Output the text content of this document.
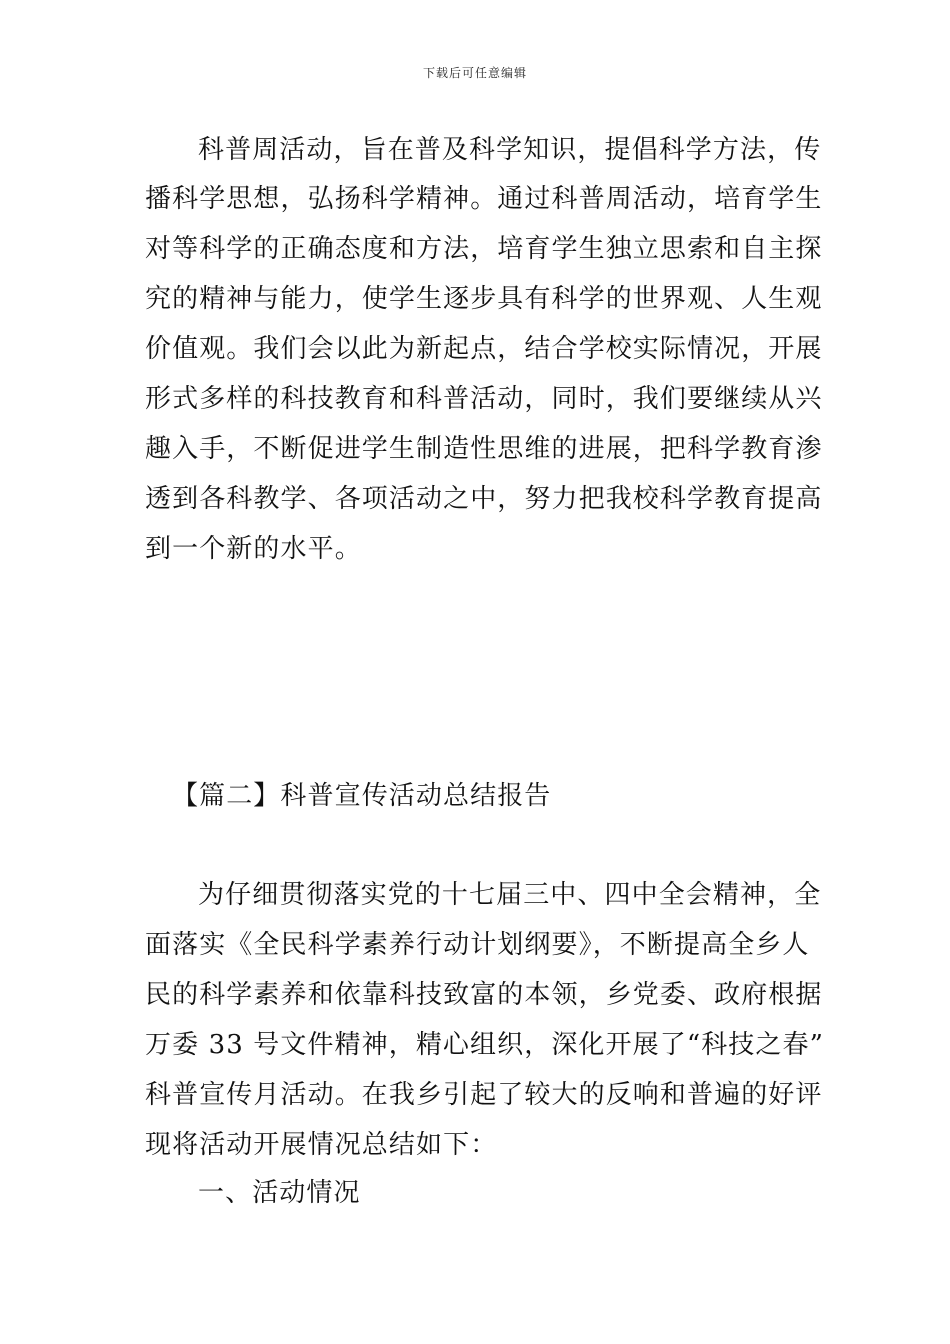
下载后可任意编辑
科普周活动，旨在普及科学知识，提倡科学方法，传
播科学思想，弘扬科学精神。通过科普周活动，培育学生
对等科学的正确态度和方法，培育学生独立思索和自主探
究的精神与能力，使学生逐步具有科学的世界观、人生观
价值观。我们会以此为新起点，结合学校实际情况，开展
形式多样的科技教育和科普活动，同时，我们要继续从兴
趣入手，不断促进学生制造性思维的进展，把科学教育渗
透到各科教学、各项活动之中，努力把我校科学教育提高
到一个新的水平。
【篇二】科普宣传活动总结报告
为仔细贯彻落实党的十七届三中、四中全会精神，全
面落实《全民科学素养行动计划纲要》，不断提高全乡人
民的科学素养和依靠科技致富的本领，乡党委、政府根据
万委 33 号文件精神，精心组织，深化开展了“科技之春”
科普宣传月活动。在我乡引起了较大的反响和普遍的好评
现将活动开展情况总结如下：
一、活动情况
